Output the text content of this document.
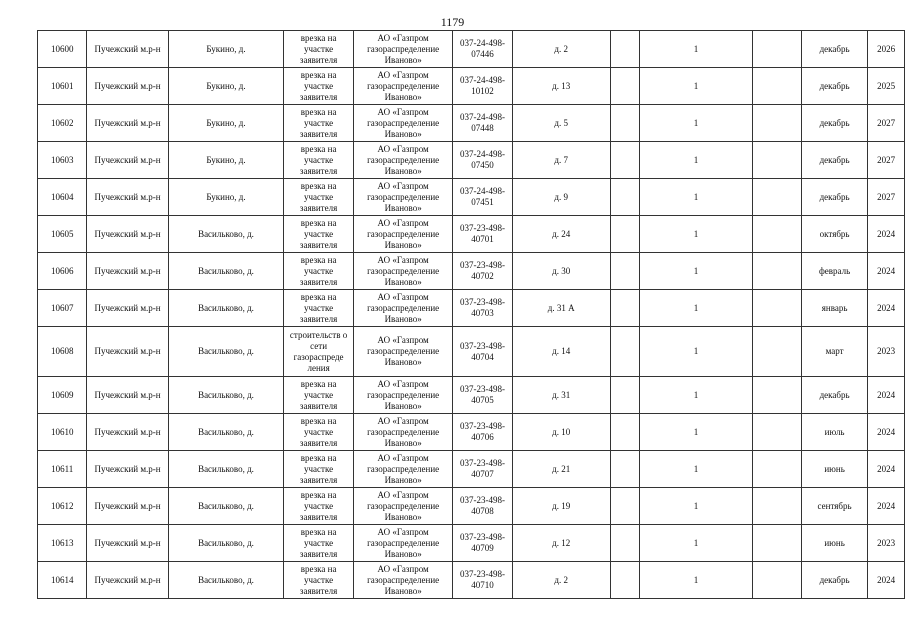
1179
10600	Пучежский м.р-н	Букино, д.	врезка на участке заявителя	АО «Газпром газораспределение Иваново»	037-24-498-07446	д. 2		1		декабрь	2026
10601	Пучежский м.р-н	Букино, д.	врезка на участке заявителя	АО «Газпром газораспределение Иваново»	037-24-498-10102	д. 13		1		декабрь	2025
10602	Пучежский м.р-н	Букино, д.	врезка на участке заявителя	АО «Газпром газораспределение Иваново»	037-24-498-07448	д. 5		1		декабрь	2027
10603	Пучежский м.р-н	Букино, д.	врезка на участке заявителя	АО «Газпром газораспределение Иваново»	037-24-498-07450	д. 7		1		декабрь	2027
10604	Пучежский м.р-н	Букино, д.	врезка на участке заявителя	АО «Газпром газораспределение Иваново»	037-24-498-07451	д. 9		1		декабрь	2027
10605	Пучежский м.р-н	Васильково, д.	врезка на участке заявителя	АО «Газпром газораспределение Иваново»	037-23-498-40701	д. 24		1		октябрь	2024
10606	Пучежский м.р-н	Васильково, д.	врезка на участке заявителя	АО «Газпром газораспределение Иваново»	037-23-498-40702	д. 30		1		февраль	2024
10607	Пучежский м.р-н	Васильково, д.	врезка на участке заявителя	АО «Газпром газораспределение Иваново»	037-23-498-40703	д. 31 А		1		январь	2024
10608	Пучежский м.р-н	Васильково, д.	строительств о сети газораспреде ления	АО «Газпром газораспределение Иваново»	037-23-498-40704	д. 14		1		март	2023
10609	Пучежский м.р-н	Васильково, д.	врезка на участке заявителя	АО «Газпром газораспределение Иваново»	037-23-498-40705	д. 31		1		декабрь	2024
10610	Пучежский м.р-н	Васильково, д.	врезка на участке заявителя	АО «Газпром газораспределение Иваново»	037-23-498-40706	д. 10		1		июль	2024
10611	Пучежский м.р-н	Васильково, д.	врезка на участке заявителя	АО «Газпром газораспределение Иваново»	037-23-498-40707	д. 21		1		июнь	2024
10612	Пучежский м.р-н	Васильково, д.	врезка на участке заявителя	АО «Газпром газораспределение Иваново»	037-23-498-40708	д. 19		1		сентябрь	2024
10613	Пучежский м.р-н	Васильково, д.	врезка на участке заявителя	АО «Газпром газораспределение Иваново»	037-23-498-40709	д. 12		1		июнь	2023
10614	Пучежский м.р-н	Васильково, д.	врезка на участке заявителя	АО «Газпром газораспределение Иваново»	037-23-498-40710	д. 2		1		декабрь	2024
